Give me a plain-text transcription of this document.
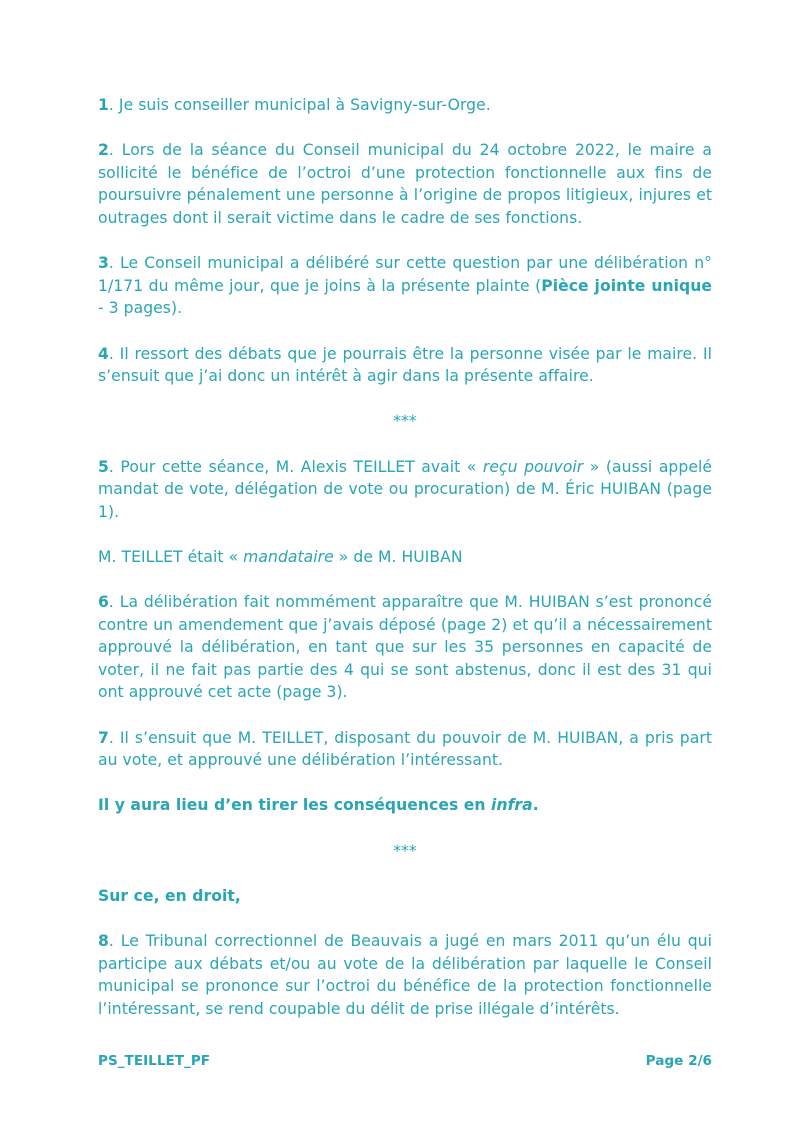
1. Je suis conseiller municipal à Savigny-sur-Orge.

2. Lors de la séance du Conseil municipal du 24 octobre 2022, le maire a sollicité le bénéfice de l’octroi d’une protection fonctionnelle aux fins de poursuivre pénalement une personne à l’origine de propos litigieux, injures et outrages dont il serait victime dans le cadre de ses fonctions.

3. Le Conseil municipal a délibéré sur cette question par une délibération n° 1/171 du même jour, que je joins à la présente plainte (Pièce jointe unique - 3 pages).

4. Il ressort des débats que je pourrais être la personne visée par le maire. Il s’ensuit que j’ai donc un intérêt à agir dans la présente affaire.

***

5. Pour cette séance, M. Alexis TEILLET avait « reçu pouvoir » (aussi appelé mandat de vote, délégation de vote ou procuration) de M. Éric HUIBAN (page 1).

M. TEILLET était « mandataire » de M. HUIBAN

6. La délibération fait nommément apparaître que M. HUIBAN s’est prononcé contre un amendement que j’avais déposé (page 2) et qu’il a nécessairement approuvé la délibération, en tant que sur les 35 personnes en capacité de voter, il ne fait pas partie des 4 qui se sont abstenus, donc il est des 31 qui ont approuvé cet acte (page 3).

7. Il s’ensuit que M. TEILLET, disposant du pouvoir de M. HUIBAN, a pris part au vote, et approuvé une délibération l’intéressant.

Il y aura lieu d’en tirer les conséquences en infra.

***

Sur ce, en droit,

8. Le Tribunal correctionnel de Beauvais a jugé en mars 2011 qu’un élu qui participe aux débats et/ou au vote de la délibération par laquelle le Conseil municipal se prononce sur l’octroi du bénéfice de la protection fonctionnelle l’intéressant, se rend coupable du délit de prise illégale d’intérêts.

PS_TEILLET_PF	Page 2/6
